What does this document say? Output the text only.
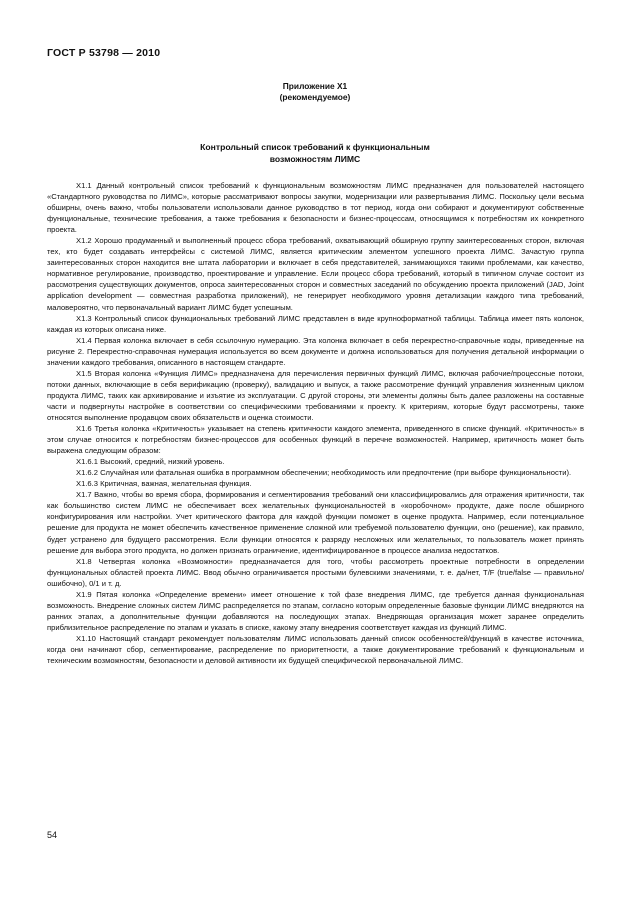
ГОСТ Р 53798 — 2010
Приложение Х1
(рекомендуемое)
Контрольный список требований к функциональным
возможностям ЛИМС

Х1.1 Данный контрольный список требований к функциональным возможностям ЛИМС предназначен для пользователей настоящего «Стандартного руководства по ЛИМС», которые рассматривают вопросы закупки, модернизации или развертывания ЛИМС. Поскольку цели весьма обширны, очень важно, чтобы пользователи использовали данное руководство в тот период, когда они собирают и документируют собственные функциональные, технические требования, а также требования к безопасности и бизнес-процессам, относящимся к потребностям их конкретного проекта.

Х1.2 Хорошо продуманный и выполненный процесс сбора требований, охватывающий обширную группу заинтересованных сторон, включая тех, кто будет создавать интерфейсы с системой ЛИМС, является критическим элементом успешного проекта ЛИМС. Зачастую группа заинтересованных сторон находится вне штата лаборатории и включает в себя представителей, занимающихся такими проблемами, как качество, нормативное регулирование, производство, проектирование и управление. Если процесс сбора требований, который в типичном случае состоит из рассмотрения существующих документов, опроса заинтересованных сторон и совместных заседаний по обсуждению проекта приложений (JAD, Joint application development — совместная разработка приложений), не генерирует необходимого уровня детализации каждого типа требований, маловероятно, что первоначальный вариант ЛИМС будет успешным.

Х1.3 Контрольный список функциональных требований ЛИМС представлен в виде крупноформатной таблицы. Таблица имеет пять колонок, каждая из которых описана ниже.

Х1.4 Первая колонка включает в себя ссылочную нумерацию. Эта колонка включает в себя перекрестно-справочные коды, приведенные на рисунке 2. Перекрестно-справочная нумерация используется во всем документе и должна использоваться для получения детальной информации о значении каждого требования, описанного в настоящем стандарте.

Х1.5 Вторая колонка «Функция ЛИМС» предназначена для перечисления первичных функций ЛИМС, включая рабочие/процессные потоки, потоки данных, включающие в себя верификацию (проверку), валидацию и выпуск, а также рассмотрение функций управления жизненным циклом продукта ЛИМС, таких как архивирование и изъятие из эксплуатации. С другой стороны, эти элементы должны быть далее разложены на составные части и подвергнуты настройке в соответствии со специфическими требованиями к проекту. К критериям, которые будут рассмотрены, также относятся выполнение продавцом своих обязательств и оценка стоимости.

Х1.6 Третья колонка «Критичность» указывает на степень критичности каждого элемента, приведенного в списке функций. «Критичность» в этом случае относится к потребностям бизнес-процессов для особенных функций в перечне возможностей. Например, критичность может быть выражена следующим образом:

Х1.6.1 Высокий, средний, низкий уровень.

Х1.6.2 Случайная или фатальная ошибка в программном обеспечении; необходимость или предпочтение (при выборе функциональности).

Х1.6.3 Критичная, важная, желательная функция.

Х1.7 Важно, чтобы во время сбора, формирования и сегментирования требований они классифицировались для отражения критичности, так как большинство систем ЛИМС не обеспечивает всех желательных функциональностей в «коробочном» продукте, даже после обширного конфигурирования или настройки. Учет критического фактора для каждой функции поможет в оценке продукта. Например, если потенциальное решение для продукта не может обеспечить качественное применение сложной или требуемой пользователю функции, оно (решение), как правило, будет устранено для будущего рассмотрения. Если функции относятся к разряду несложных или желательных, то пользователь может принять решение для выбора этого продукта, но должен признать ограничение, идентифицированное в процессе анализа недостатков.

Х1.8 Четвертая колонка «Возможности» предназначается для того, чтобы рассмотреть проектные потребности в определении функциональных областей проекта ЛИМС. Ввод обычно ограничивается простыми булевскими значениями, т. е. да/нет, T/F (true/false — правильно/ошибочно), 0/1 и т. д.

Х1.9 Пятая колонка «Определение времени» имеет отношение к той фазе внедрения ЛИМС, где требуется данная функциональная возможность. Внедрение сложных систем ЛИМС распределяется по этапам, согласно которым определенные базовые функции ЛИМС внедряются на ранних этапах, а дополнительные функции добавляются на последующих этапах. Внедряющая организация может заранее определить приблизительное распределение по этапам и указать в списке, какому этапу внедрения соответствует каждая из функций ЛИМС.

Х1.10 Настоящий стандарт рекомендует пользователям ЛИМС использовать данный список особенностей/функций в качестве источника, когда они начинают сбор, сегментирование, распределение по приоритетности, а также документирование требований к функциональным и техническим возможностям, безопасности и деловой активности их будущей специфической первоначальной ЛИМС.

54
